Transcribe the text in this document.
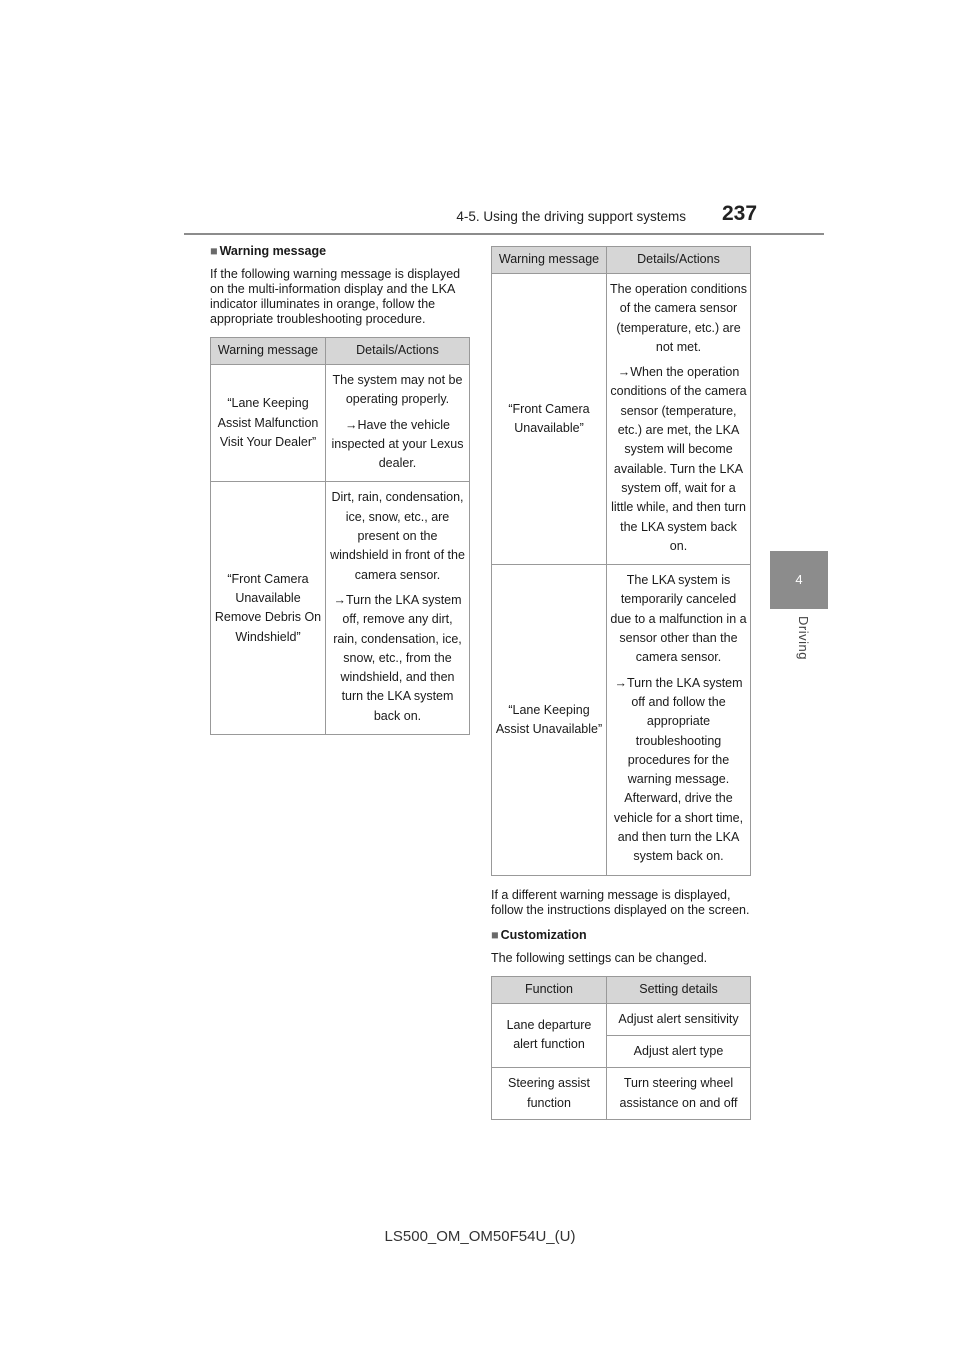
4-5. Using the driving support systems 237
4
Driving
■ Warning message

If the following warning message is displayed on the multi-information display and the LKA indicator illuminates in orange, follow the appropriate troubleshooting procedure.

Warning message	Details/Actions
“Lane Keeping Assist Malfunction Visit Your Dealer”	The system may not be operating properly.

→Have the vehicle inspected at your Lexus dealer.

“Front Camera Unavailable Remove Debris On Windshield”	Dirt, rain, condensation, ice, snow, etc., are present on the windshield in front of the camera sensor.

→Turn the LKA system off, remove any dirt, rain, condensation, ice, snow, etc., from the windshield, and then turn the LKA system back on.

Warning message	Details/Actions
“Front Camera Unavailable”	The operation conditions of the camera sensor (temperature, etc.) are not met.

→When the operation conditions of the camera sensor (temperature, etc.) are met, the LKA system will become available. Turn the LKA system off, wait for a little while, and then turn the LKA system back on.

“Lane Keeping Assist Unavailable”	The LKA system is temporarily canceled due to a malfunction in a sensor other than the camera sensor.

→Turn the LKA system off and follow the appropriate troubleshooting procedures for the warning message. Afterward, drive the vehicle for a short time, and then turn the LKA system back on.

If a different warning message is displayed, follow the instructions displayed on the screen.

■ Customization

The following settings can be changed.

Function	Setting details
Lane departure alert function	Adjust alert sensitivity
	Adjust alert type
Steering assist function	Turn steering wheel assistance on and off
LS500_OM_OM50F54U_(U)
